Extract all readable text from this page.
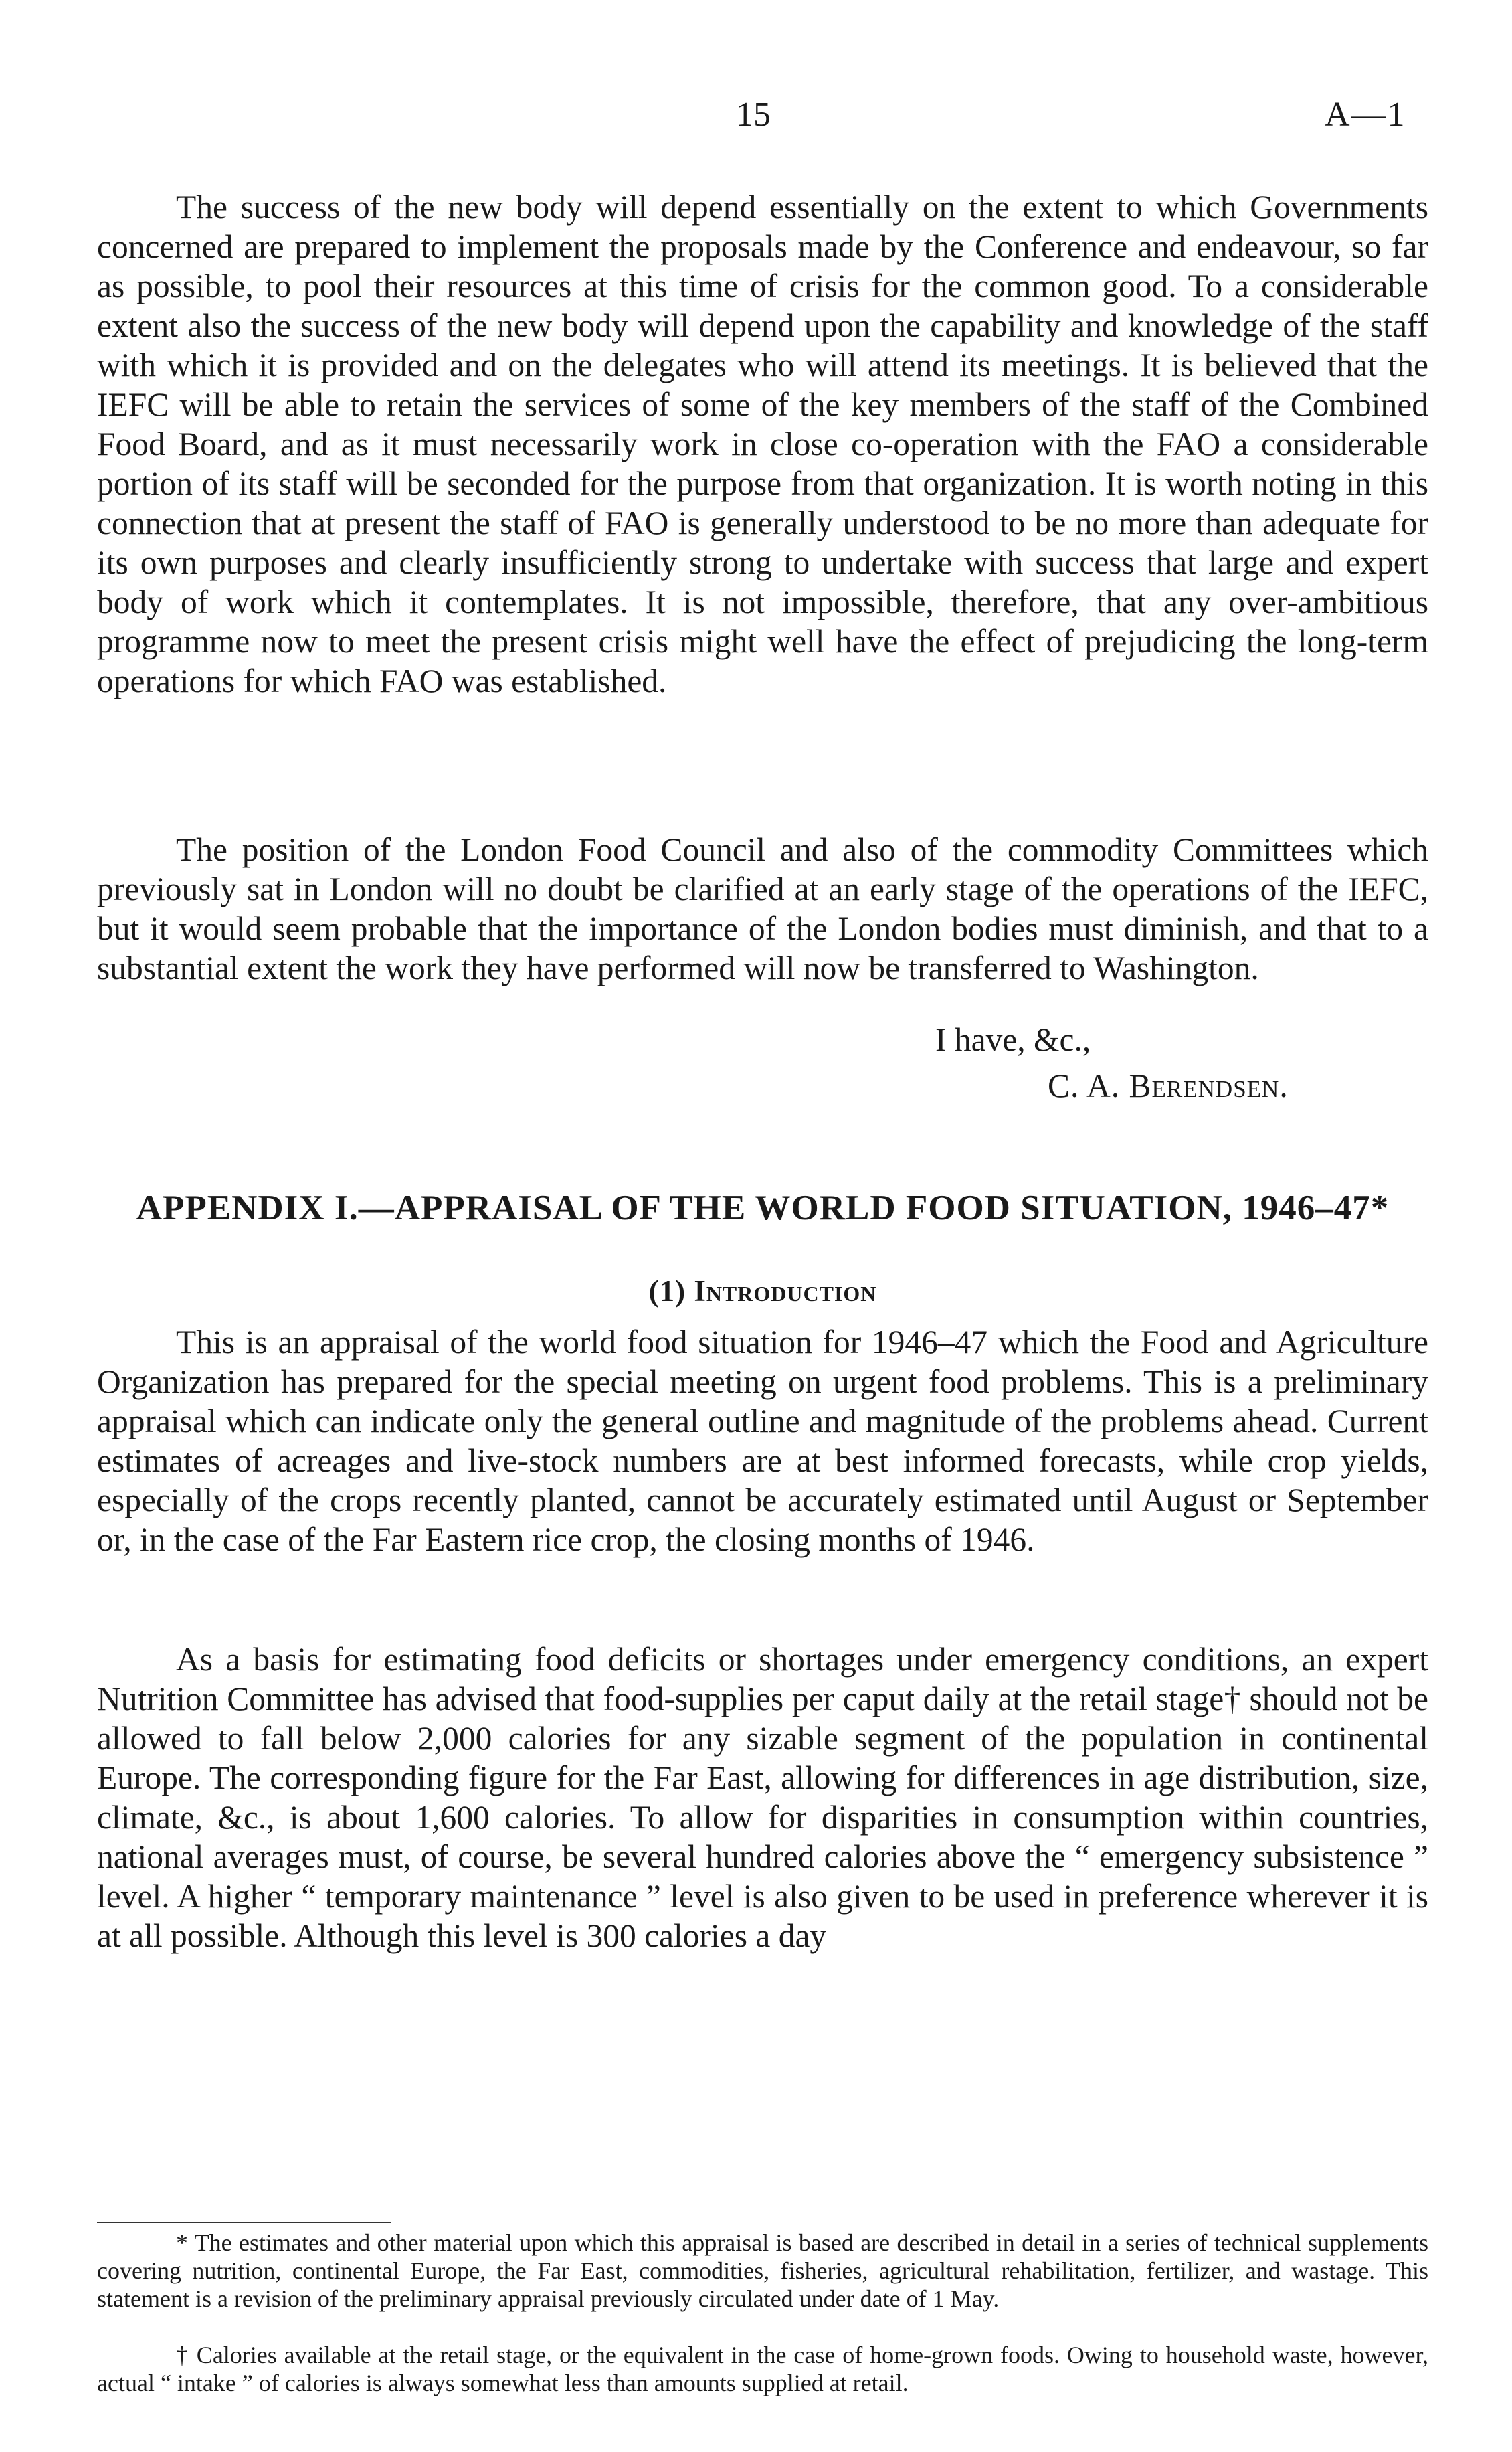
15	A—1

The success of the new body will depend essentially on the extent to which Governments concerned are prepared to implement the proposals made by the Conference and endeavour, so far as possible, to pool their resources at this time of crisis for the common good. To a considerable extent also the success of the new body will depend upon the capability and knowledge of the staff with which it is provided and on the delegates who will attend its meetings. It is believed that the IEFC will be able to retain the services of some of the key members of the staff of the Combined Food Board, and as it must necessarily work in close co-operation with the FAO a considerable portion of its staff will be seconded for the purpose from that organization. It is worth noting in this connection that at present the staff of FAO is generally understood to be no more than adequate for its own purposes and clearly insufficiently strong to undertake with success that large and expert body of work which it contemplates. It is not impossible, therefore, that any over-ambitious programme now to meet the present crisis might well have the effect of prejudicing the long-term operations for which FAO was established.

The position of the London Food Council and also of the commodity Committees which previously sat in London will no doubt be clarified at an early stage of the operations of the IEFC, but it would seem probable that the importance of the London bodies must diminish, and that to a substantial extent the work they have performed will now be transferred to Washington.

I have, &c.,

C. A. Berendsen.

APPENDIX I.—APPRAISAL OF THE WORLD FOOD SITUATION, 1946–47*
(1) Introduction

This is an appraisal of the world food situation for 1946–47 which the Food and Agriculture Organization has prepared for the special meeting on urgent food problems. This is a preliminary appraisal which can indicate only the general outline and magnitude of the problems ahead. Current estimates of acreages and live-stock numbers are at best informed forecasts, while crop yields, especially of the crops recently planted, cannot be accurately estimated until August or September or, in the case of the Far Eastern rice crop, the closing months of 1946.

As a basis for estimating food deficits or shortages under emergency conditions, an expert Nutrition Committee has advised that food-supplies per caput daily at the retail stage† should not be allowed to fall below 2,000 calories for any sizable segment of the population in continental Europe. The corresponding figure for the Far East, allowing for differences in age distribution, size, climate, &c., is about 1,600 calories. To allow for disparities in consumption within countries, national averages must, of course, be several hundred calories above the “ emergency subsistence ” level. A higher “ temporary maintenance ” level is also given to be used in preference wherever it is at all possible. Although this level is 300 calories a day

* The estimates and other material upon which this appraisal is based are described in detail in a series of technical supplements covering nutrition, continental Europe, the Far East, commodities, fisheries, agricultural rehabilitation, fertilizer, and wastage. This statement is a revision of the preliminary appraisal previously circulated under date of 1 May.

† Calories available at the retail stage, or the equivalent in the case of home-grown foods. Owing to household waste, however, actual “ intake ” of calories is always somewhat less than amounts supplied at retail.
